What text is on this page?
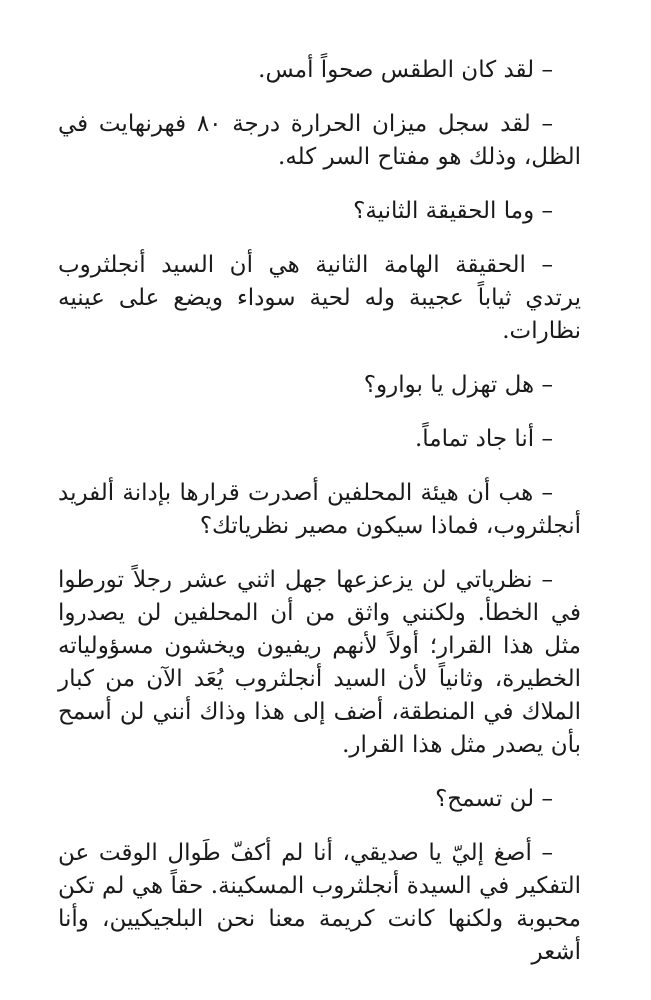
– لقد كان الطقس صحواً أمس.

– لقد سجل ميزان الحرارة درجة ٨٠ فهرنهايت في الظل، وذلك هو مفتاح السر كله.

– وما الحقيقة الثانية؟

– الحقيقة الهامة الثانية هي أن السيد أنجلثروب يرتدي ثياباً عجيبة وله لحية سوداء ويضع على عينيه نظارات.

– هل تهزل يا بوارو؟

– أنا جاد تماماً.

– هب أن هيئة المحلفين أصدرت قرارها بإدانة ألفريد أنجلثروب، فماذا سيكون مصير نظرياتك؟

– نظرياتي لن يزعزعها جهل اثني عشر رجلاً تورطوا في الخطأ. ولكنني واثق من أن المحلفين لن يصدروا مثل هذا القرار؛ أولاً لأنهم ريفيون ويخشون مسؤولياته الخطيرة، وثانياً لأن السيد أنجلثروب يُعَد الآن من كبار الملاك في المنطقة، أضف إلى هذا وذاك أنني لن أسمح بأن يصدر مثل هذا القرار.

– لن تسمح؟

– أصغ إليّ يا صديقي، أنا لم أكفّ طَوال الوقت عن التفكير في السيدة أنجلثروب المسكينة. حقاً هي لم تكن محبوبة ولكنها كانت كريمة معنا نحن البلجيكيين، وأنا أشعر
